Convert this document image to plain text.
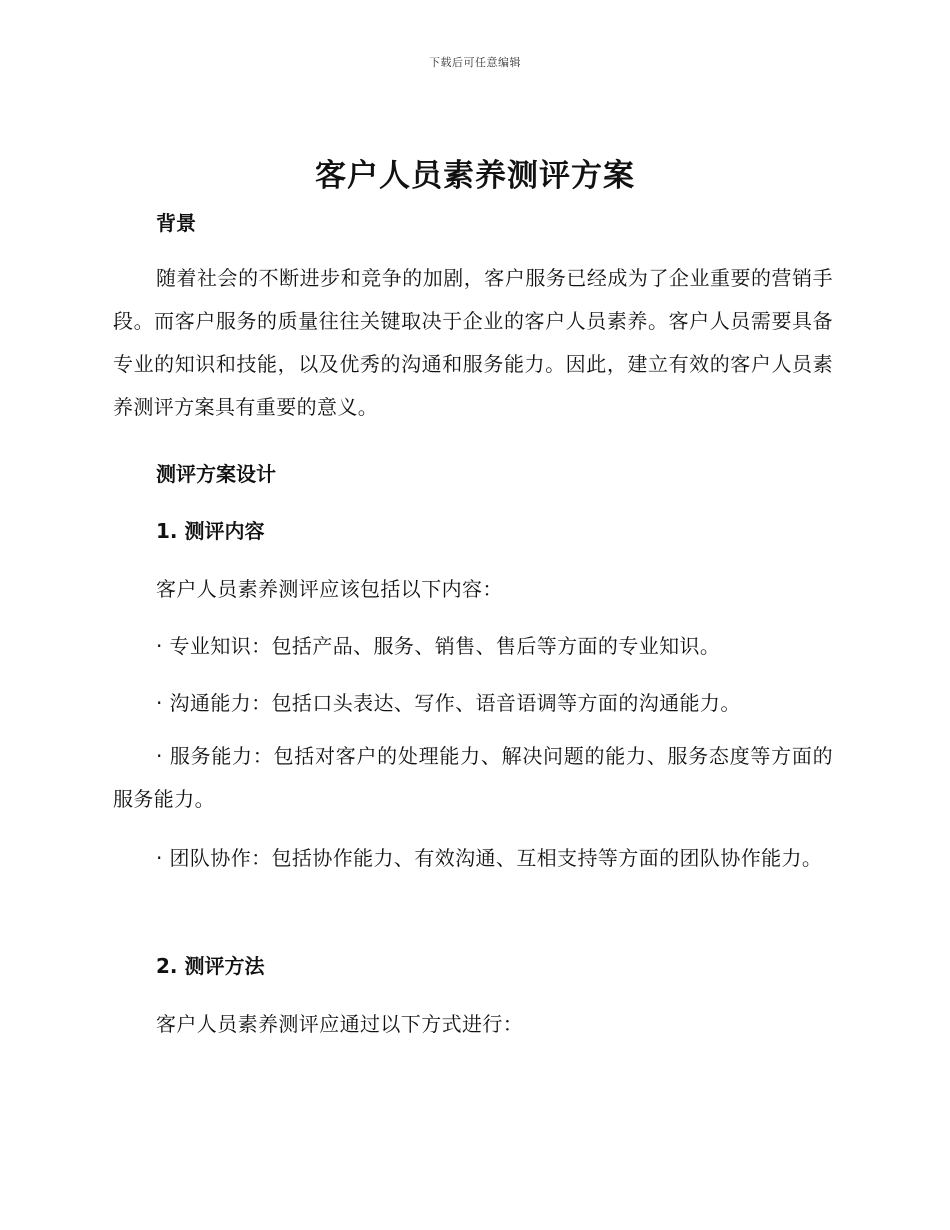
下载后可任意编辑
客户人员素养测评方案
背景

随着社会的不断进步和竞争的加剧，客户服务已经成为了企业重要的营销手段。而客户服务的质量往往关键取决于企业的客户人员素养。客户人员需要具备专业的知识和技能，以及优秀的沟通和服务能力。因此，建立有效的客户人员素养测评方案具有重要的意义。

测评方案设计
1. 测评内容

客户人员素养测评应该包括以下内容：

· 专业知识：包括产品、服务、销售、售后等方面的专业知识。

· 沟通能力：包括口头表达、写作、语音语调等方面的沟通能力。

· 服务能力：包括对客户的处理能力、解决问题的能力、服务态度等方面的服务能力。

· 团队协作：包括协作能力、有效沟通、互相支持等方面的团队协作能力。

2. 测评方法

客户人员素养测评应通过以下方式进行：
